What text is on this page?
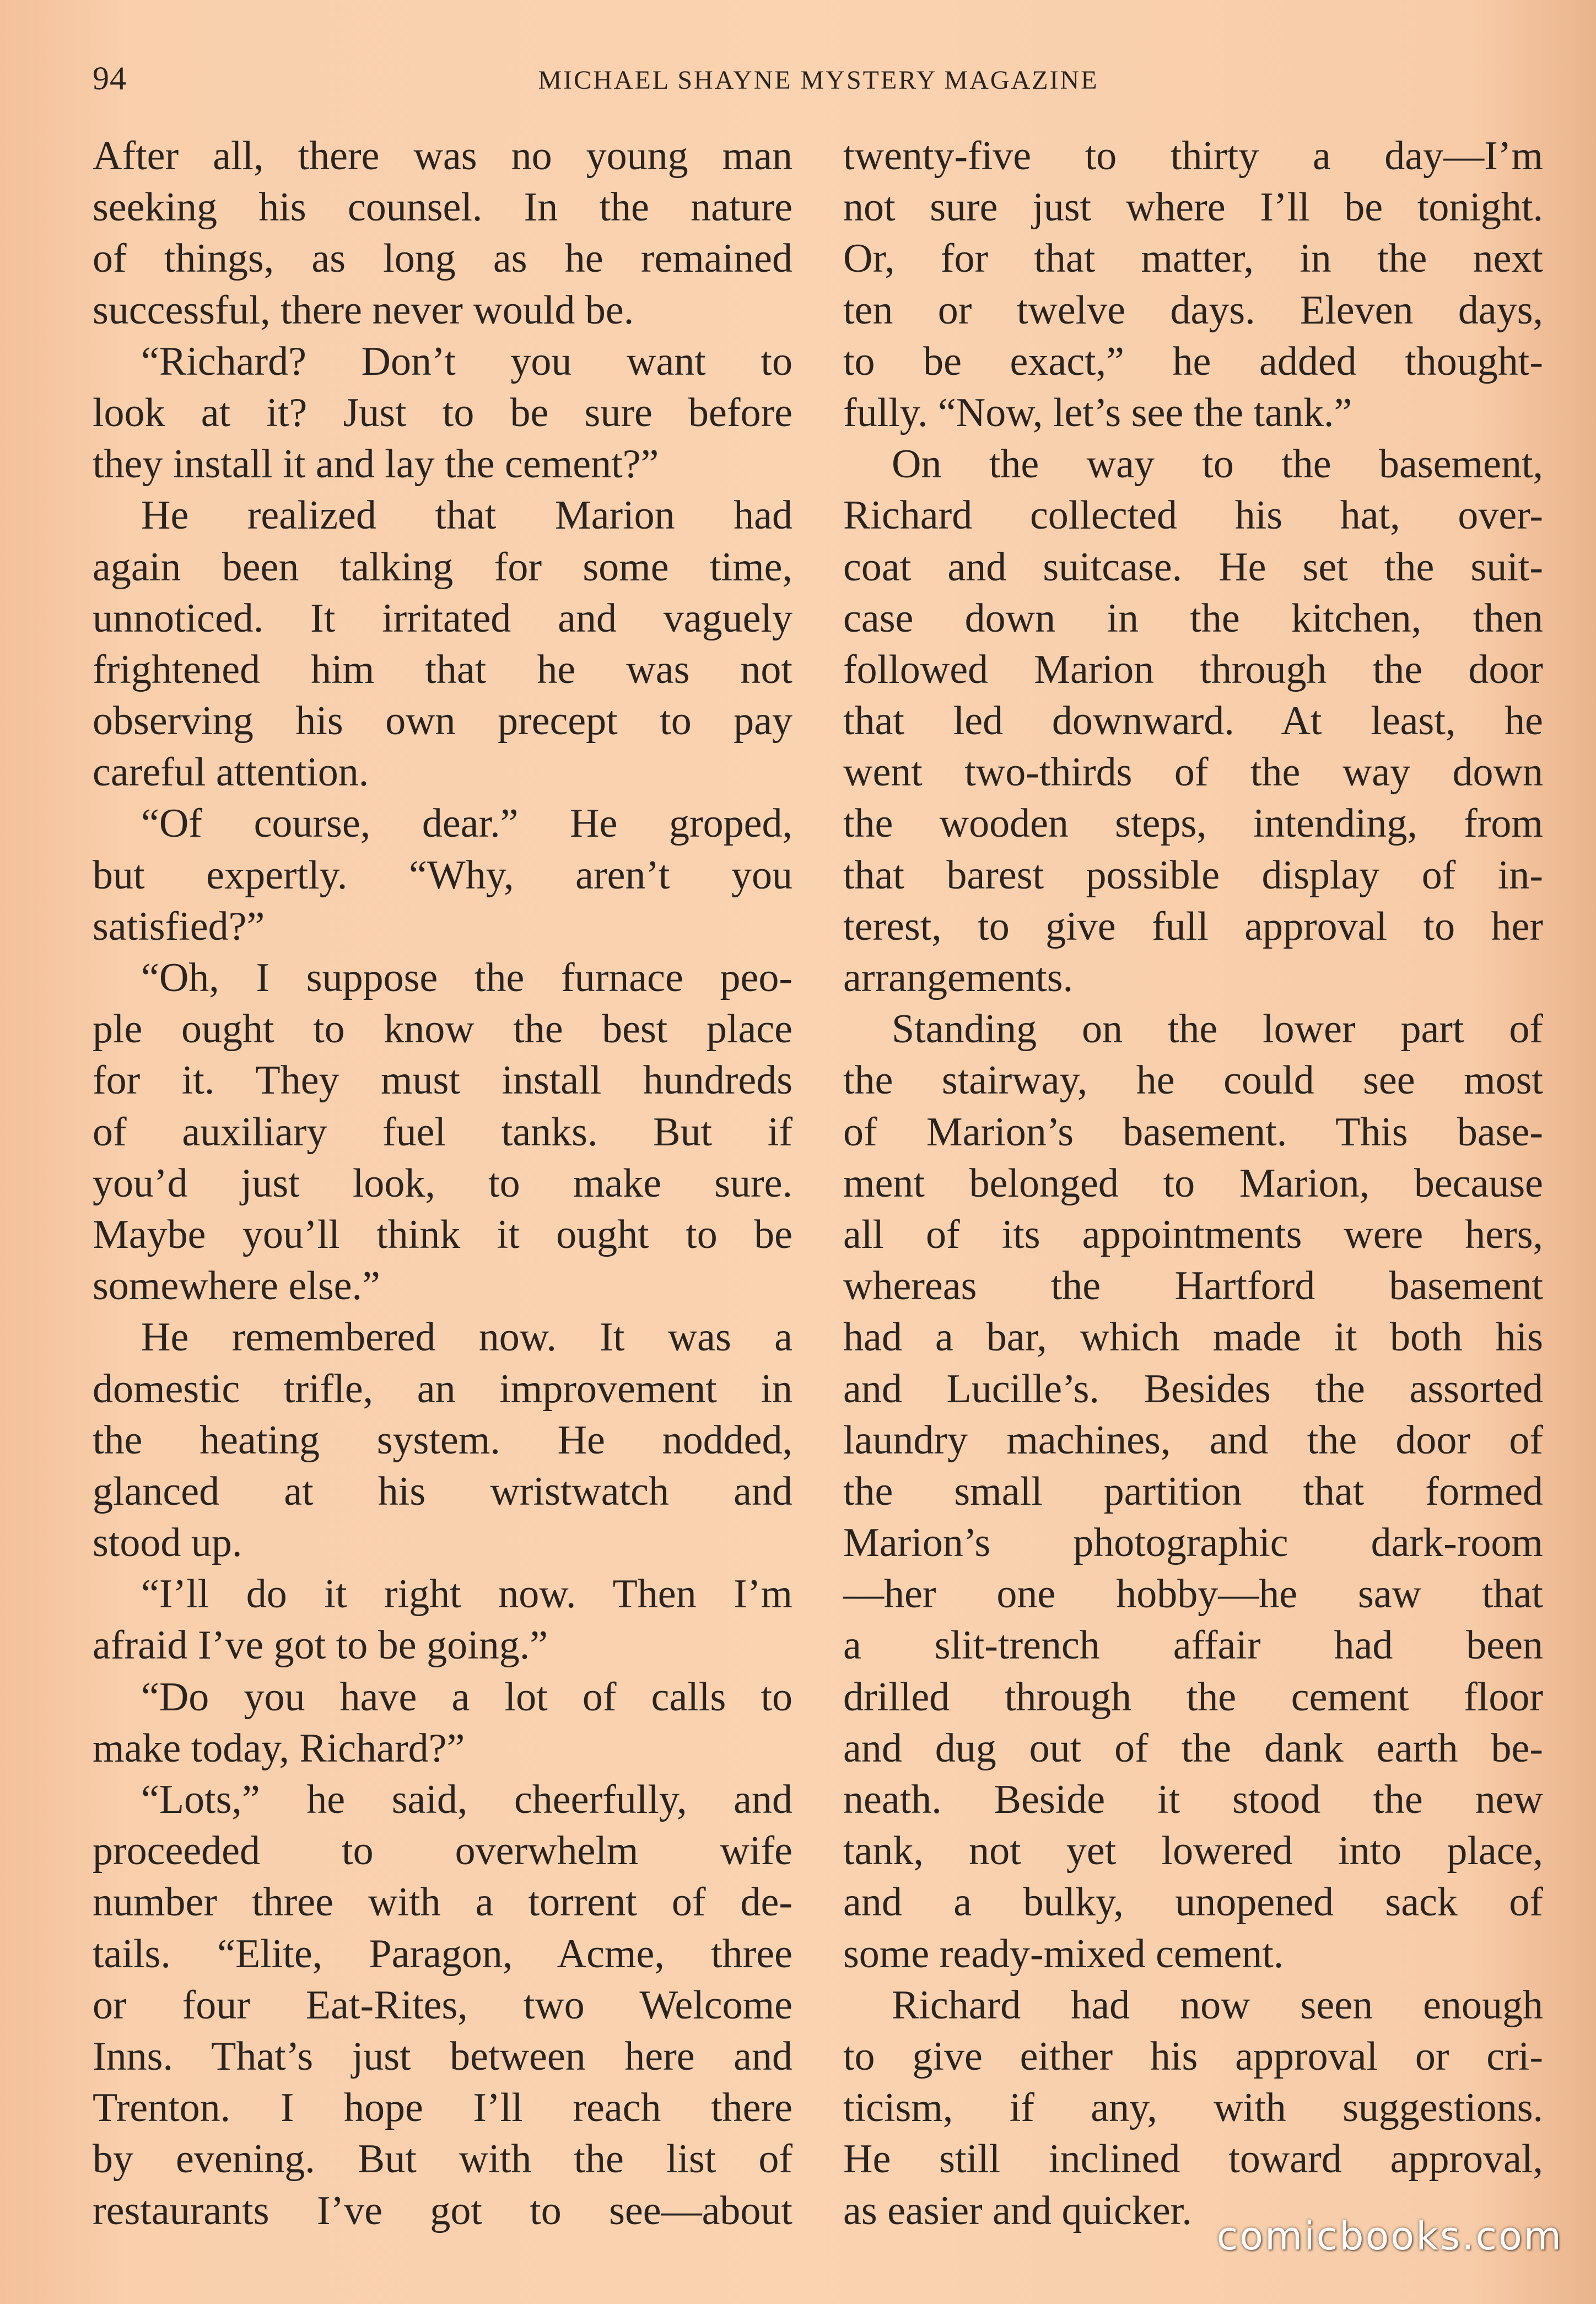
94	MICHAEL SHAYNE MYSTERY MAGAZINE
After all, there was no young man
seeking his counsel. In the nature
of things, as long as he remained
successful, there never would be.
“Richard? Don’t you want to
look at it? Just to be sure before
they install it and lay the cement?”
He realized that Marion had
again been talking for some time,
unnoticed. It irritated and vaguely
frightened him that he was not
observing his own precept to pay
careful attention.
“Of course, dear.” He groped,
but expertly. “Why, aren’t you
satisfied?”
“Oh, I suppose the furnace peo-
ple ought to know the best place
for it. They must install hundreds
of auxiliary fuel tanks. But if
you’d just look, to make sure.
Maybe you’ll think it ought to be
somewhere else.”
He remembered now. It was a
domestic trifle, an improvement in
the heating system. He nodded,
glanced at his wristwatch and
stood up.
“I’ll do it right now. Then I’m
afraid I’ve got to be going.”
“Do you have a lot of calls to
make today, Richard?”
“Lots,” he said, cheerfully, and
proceeded to overwhelm wife
number three with a torrent of de-
tails. “Elite, Paragon, Acme, three
or four Eat-Rites, two Welcome
Inns. That’s just between here and
Trenton. I hope I’ll reach there
by evening. But with the list of
restaurants I’ve got to see—about
twenty-five to thirty a day—I’m
not sure just where I’ll be tonight.
Or, for that matter, in the next
ten or twelve days. Eleven days,
to be exact,” he added thought-
fully. “Now, let’s see the tank.”
On the way to the basement,
Richard collected his hat, over-
coat and suitcase. He set the suit-
case down in the kitchen, then
followed Marion through the door
that led downward. At least, he
went two-thirds of the way down
the wooden steps, intending, from
that barest possible display of in-
terest, to give full approval to her
arrangements.
Standing on the lower part of
the stairway, he could see most
of Marion’s basement. This base-
ment belonged to Marion, because
all of its appointments were hers,
whereas the Hartford basement
had a bar, which made it both his
and Lucille’s. Besides the assorted
laundry machines, and the door of
the small partition that formed
Marion’s photographic dark-room
—her one hobby—he saw that
a slit-trench affair had been
drilled through the cement floor
and dug out of the dank earth be-
neath. Beside it stood the new
tank, not yet lowered into place,
and a bulky, unopened sack of
some ready-mixed cement.
Richard had now seen enough
to give either his approval or cri-
ticism, if any, with suggestions.
He still inclined toward approval,
as easier and quicker.
comicbooks.com
